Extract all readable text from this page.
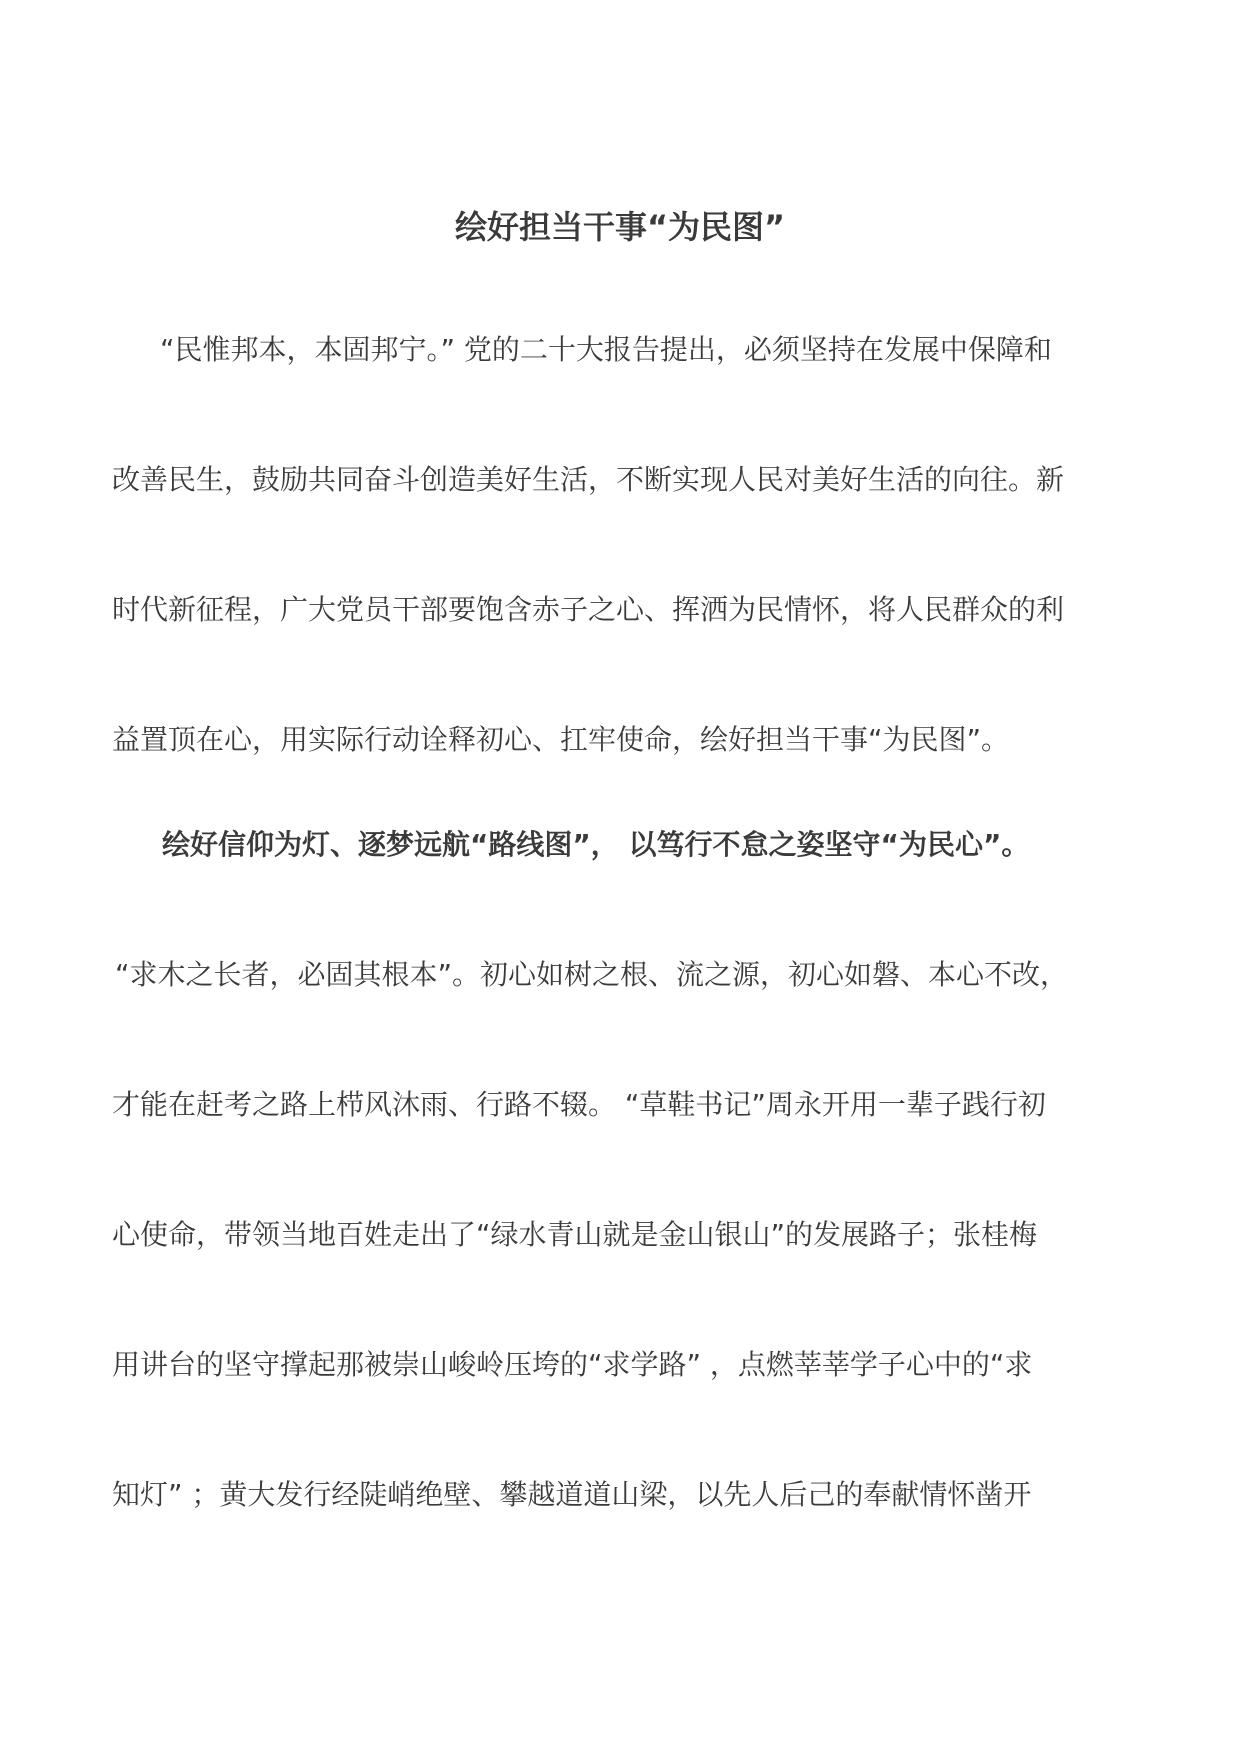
绘好担当干事“为民图”
“民惟邦本，本固邦宁。” 党的二十大报告提出，必须坚持在发展中保障和
改善民生，鼓励共同奋斗创造美好生活，不断实现人民对美好生活的向往。新
时代新征程，广大党员干部要饱含赤子之心、挥洒为民情怀，将人民群众的利
益置顶在心，用实际行动诠释初心、扛牢使命，绘好担当干事“为民图”。
绘好信仰为灯、逐梦远航“路线图”， 以笃行不怠之姿坚守“为民心”。
“求木之长者，必固其根本”。初心如树之根、流之源，初心如磐、本心不改，
才能在赶考之路上栉风沐雨、行路不辍。 “草鞋书记”周永开用一辈子践行初
心使命，带领当地百姓走出了“绿水青山就是金山银山”的发展路子；张桂梅
用讲台的坚守撑起那被崇山峻岭压垮的“求学路” ，点燃莘莘学子心中的“求
知灯” ；黄大发行经陡峭绝壁、攀越道道山梁，以先人后己的奉献情怀凿开
